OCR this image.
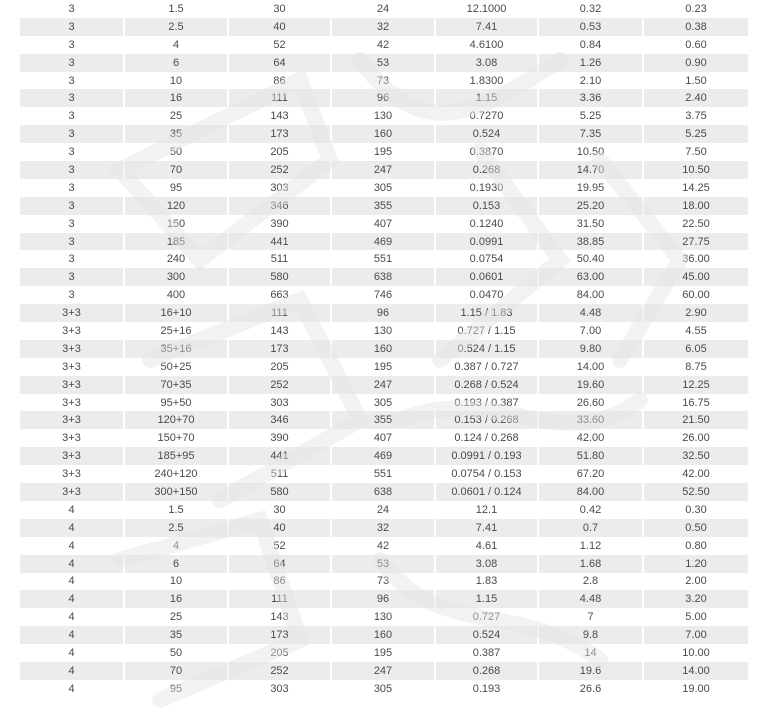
3	1.5	30	24	12.1000	0.32	0.23
3	2.5	40	32	7.41	0.53	0.38
3	4	52	42	4.6100	0.84	0.60
3	6	64	53	3.08	1.26	0.90
3	10	86	73	1.8300	2.10	1.50
3	16	111	96	1.15	3.36	2.40
3	25	143	130	0.7270	5.25	3.75
3	35	173	160	0.524	7.35	5.25
3	50	205	195	0.3870	10.50	7.50
3	70	252	247	0.268	14.70	10.50
3	95	303	305	0.1930	19.95	14.25
3	120	346	355	0.153	25.20	18.00
3	150	390	407	0.1240	31.50	22.50
3	185	441	469	0.0991	38.85	27.75
3	240	511	551	0.0754	50.40	36.00
3	300	580	638	0.0601	63.00	45.00
3	400	663	746	0.0470	84.00	60.00
3+3	16+10	111	96	1.15 / 1.83	4.48	2.90
3+3	25+16	143	130	0.727 / 1.15	7.00	4.55
3+3	35+16	173	160	0.524 / 1.15	9.80	6.05
3+3	50+25	205	195	0.387 / 0.727	14.00	8.75
3+3	70+35	252	247	0.268 / 0.524	19.60	12.25
3+3	95+50	303	305	0.193 / 0.387	26.60	16.75
3+3	120+70	346	355	0.153 / 0.268	33.60	21.50
3+3	150+70	390	407	0.124 / 0.268	42.00	26.00
3+3	185+95	441	469	0.0991 / 0.193	51.80	32.50
3+3	240+120	511	551	0.0754 / 0.153	67.20	42.00
3+3	300+150	580	638	0.0601 / 0.124	84.00	52.50
4	1.5	30	24	12.1	0.42	0.30
4	2.5	40	32	7.41	0.7	0.50
4	4	52	42	4.61	1.12	0.80
4	6	64	53	3.08	1.68	1.20
4	10	86	73	1.83	2.8	2.00
4	16	111	96	1.15	4.48	3.20
4	25	143	130	0.727	7	5.00
4	35	173	160	0.524	9.8	7.00
4	50	205	195	0.387	14	10.00
4	70	252	247	0.268	19.6	14.00
4	95	303	305	0.193	26.6	19.00
